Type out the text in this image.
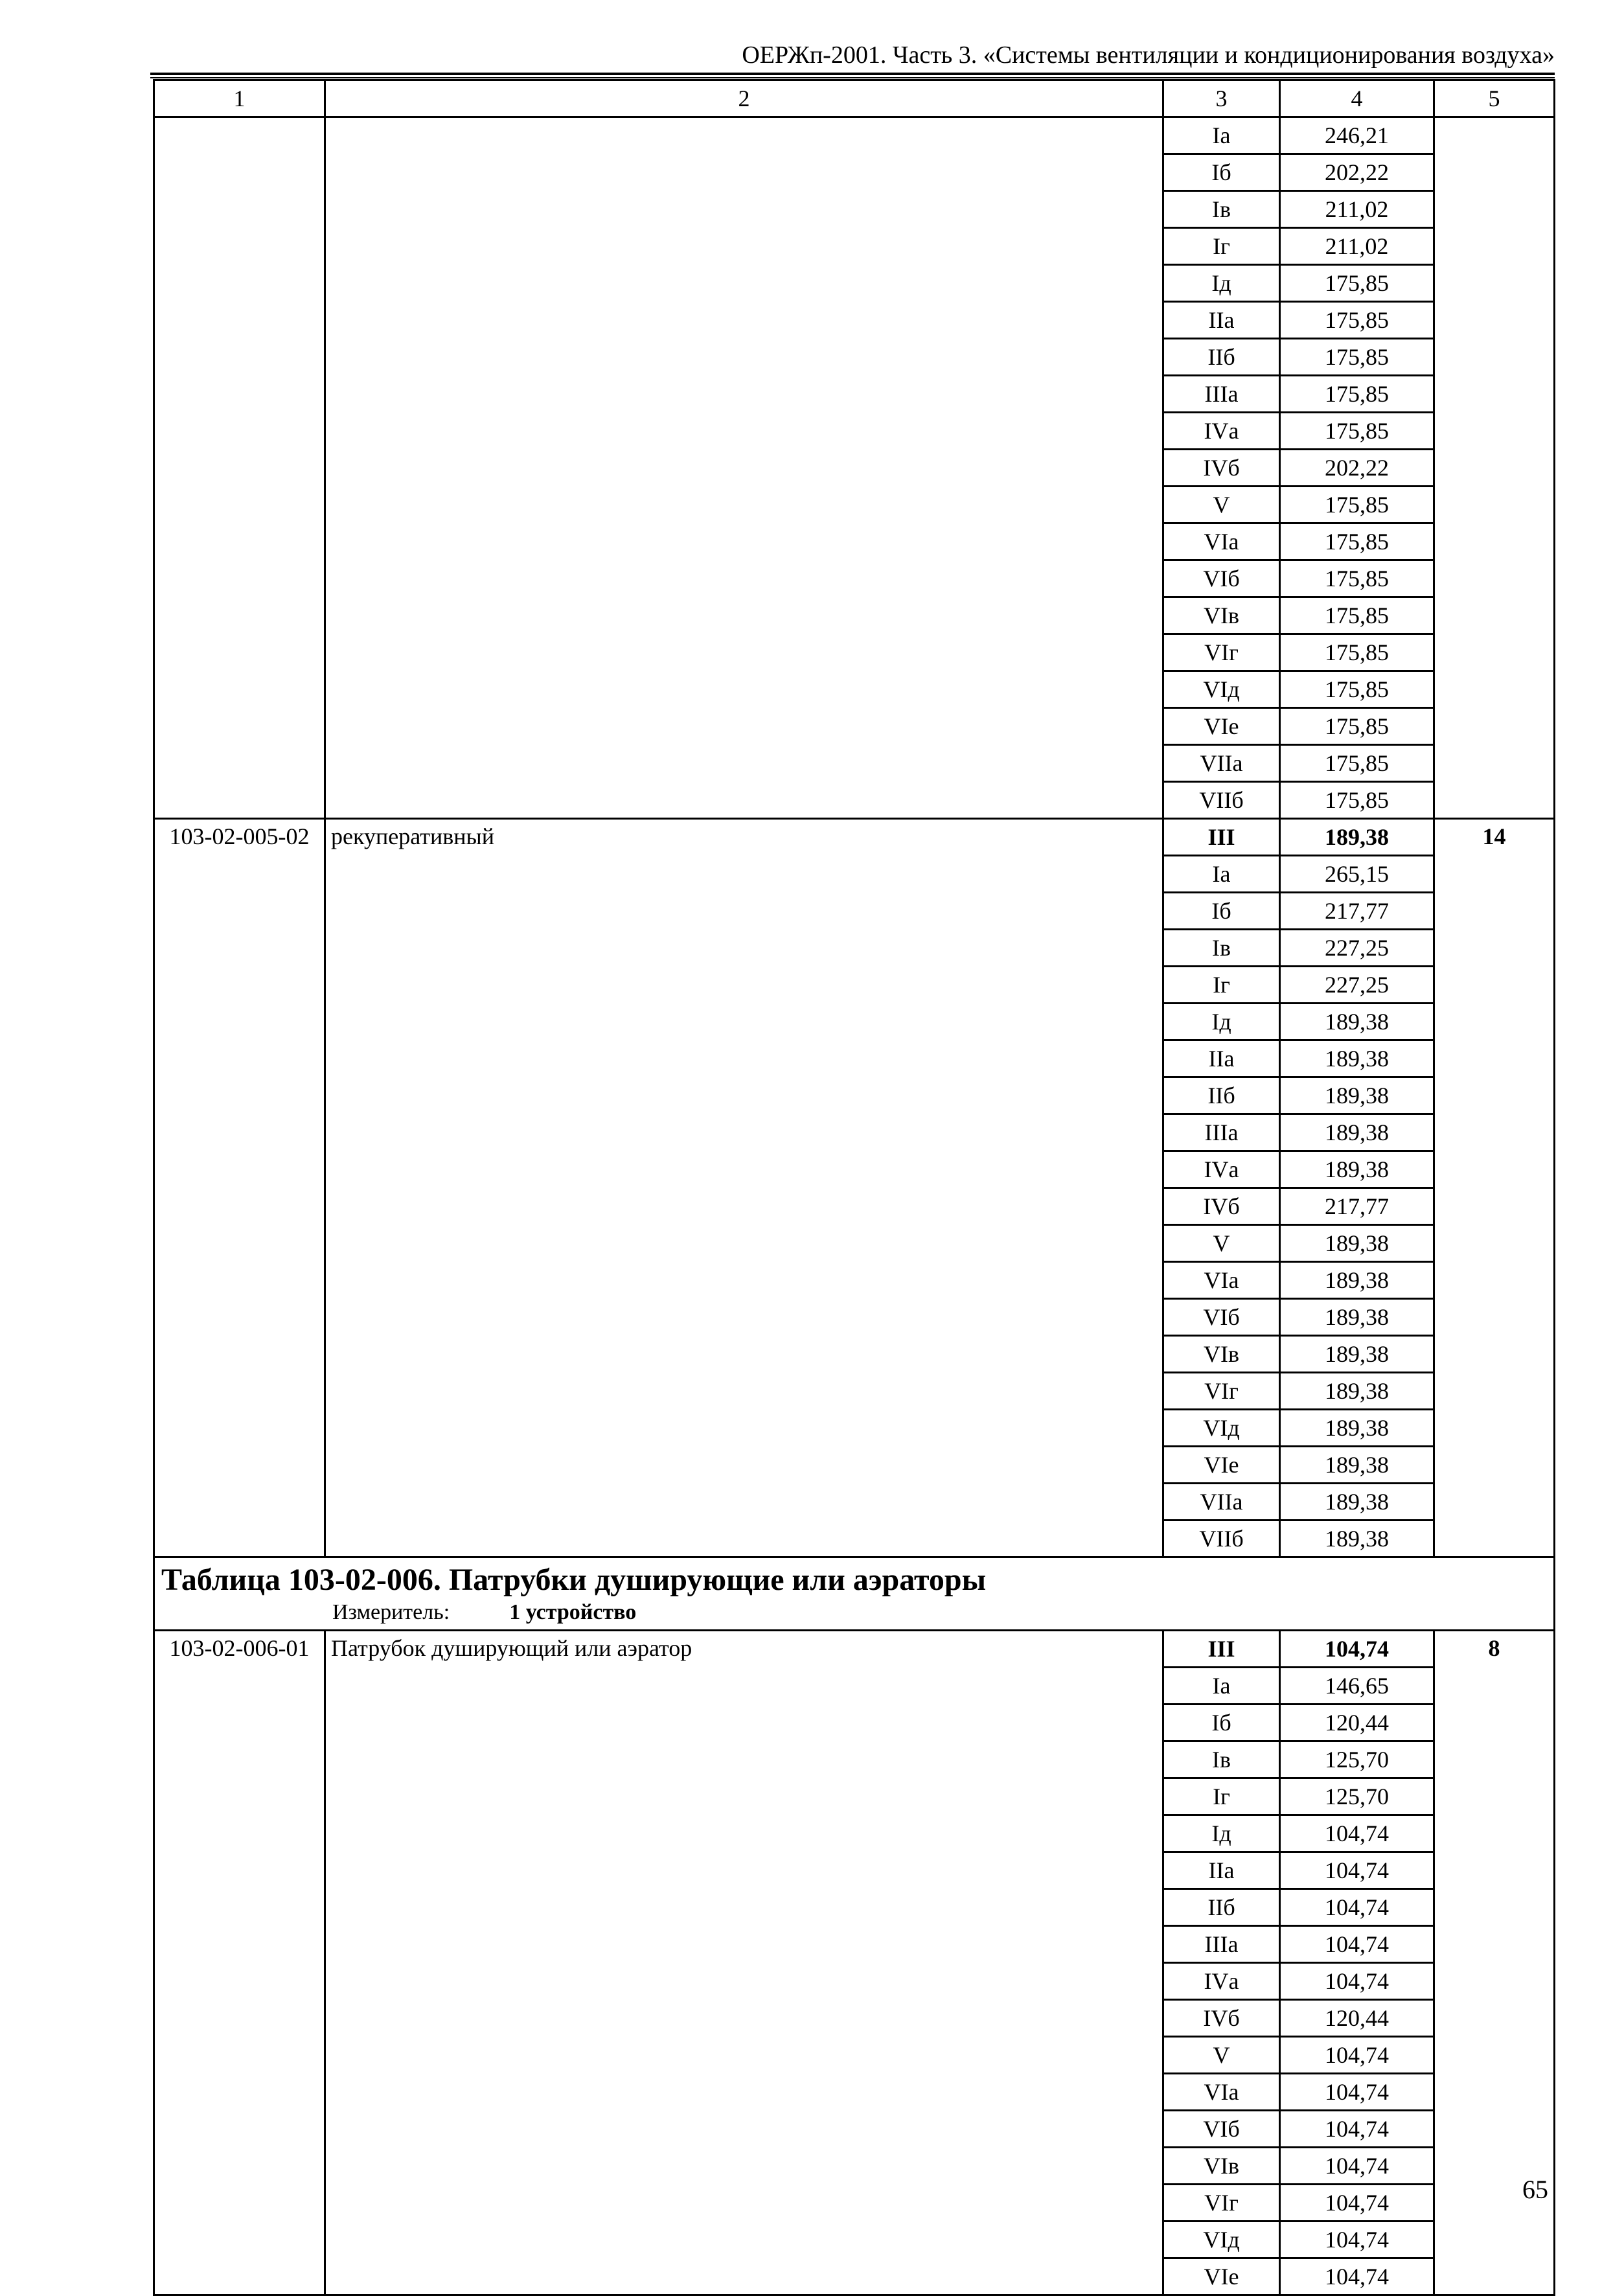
ОЕРЖп-2001. Часть 3. «Системы вентиляции и кондиционирования воздуха»
1	2	3	4	5
		Iа	246,21	
		Iб	202,22	
		Iв	211,02	
		Iг	211,02	
		Iд	175,85	
		IIа	175,85	
		IIб	175,85	
		IIIа	175,85	
		IVа	175,85	
		IVб	202,22	
		V	175,85	
		VIа	175,85	
		VIб	175,85	
		VIв	175,85	
		VIг	175,85	
		VIд	175,85	
		VIе	175,85	
		VIIа	175,85	
		VIIб	175,85	
103-02-005-02	рекуперативный	III	189,38	14
		Iа	265,15	
		Iб	217,77	
		Iв	227,25	
		Iг	227,25	
		Iд	189,38	
		IIа	189,38	
		IIб	189,38	
		IIIа	189,38	
		IVа	189,38	
		IVб	217,77	
		V	189,38	
		VIа	189,38	
		VIб	189,38	
		VIв	189,38	
		VIг	189,38	
		VIд	189,38	
		VIе	189,38	
		VIIа	189,38	
		VIIб	189,38	

Таблица 103-02-006. Патрубки душирующие или аэраторы
Измеритель: 1 устройство				

103-02-006-01	Патрубок душирующий или аэратор	III	104,74	8
		Iа	146,65	
		Iб	120,44	
		Iв	125,70	
		Iг	125,70	
		Iд	104,74	
		IIа	104,74	
		IIб	104,74	
		IIIа	104,74	
		IVа	104,74	
		IVб	120,44	
		V	104,74	
		VIа	104,74	
		VIб	104,74	
		VIв	104,74	
		VIг	104,74	
		VIд	104,74	
		VIе	104,74	
65
